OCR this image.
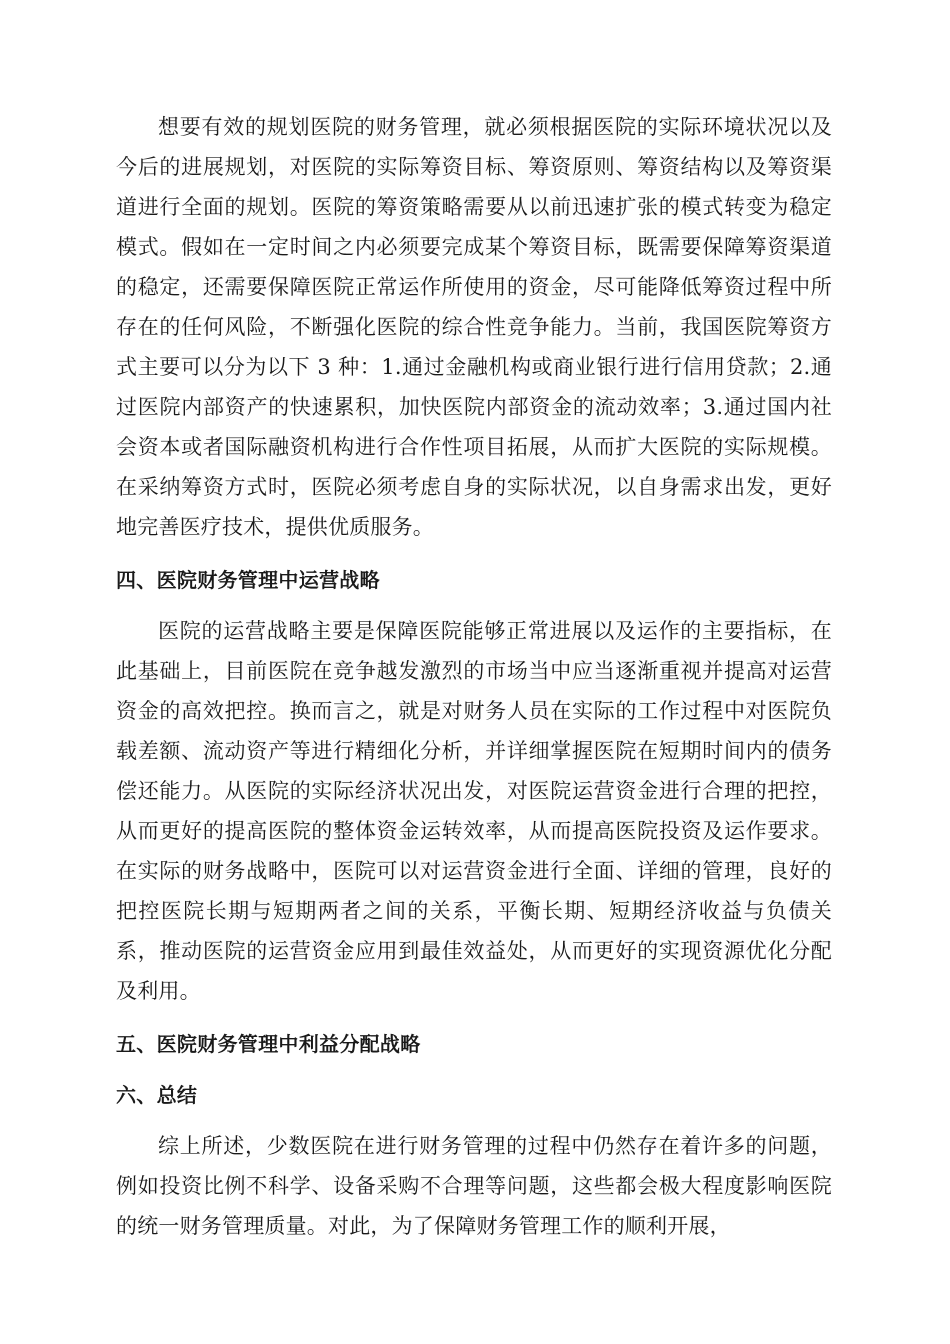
想要有效的规划医院的财务管理，就必须根据医院的实际环境状况以及今后的进展规划，对医院的实际筹资目标、筹资原则、筹资结构以及筹资渠道进行全面的规划。医院的筹资策略需要从以前迅速扩张的模式转变为稳定模式。假如在一定时间之内必须要完成某个筹资目标，既需要保障筹资渠道的稳定，还需要保障医院正常运作所使用的资金，尽可能降低筹资过程中所存在的任何风险，不断强化医院的综合性竞争能力。当前，我国医院筹资方式主要可以分为以下 3 种：1.通过金融机构或商业银行进行信用贷款；2.通过医院内部资产的快速累积，加快医院内部资金的流动效率；3.通过国内社会资本或者国际融资机构进行合作性项目拓展，从而扩大医院的实际规模。在采纳筹资方式时，医院必须考虑自身的实际状况，以自身需求出发，更好地完善医疗技术，提供优质服务。

四、医院财务管理中运营战略

医院的运营战略主要是保障医院能够正常进展以及运作的主要指标，在此基础上，目前医院在竞争越发激烈的市场当中应当逐渐重视并提高对运营资金的高效把控。换而言之，就是对财务人员在实际的工作过程中对医院负载差额、流动资产等进行精细化分析，并详细掌握医院在短期时间内的债务偿还能力。从医院的实际经济状况出发，对医院运营资金进行合理的把控，从而更好的提高医院的整体资金运转效率，从而提高医院投资及运作要求。在实际的财务战略中，医院可以对运营资金进行全面、详细的管理，良好的把控医院长期与短期两者之间的关系，平衡长期、短期经济收益与负债关系，推动医院的运营资金应用到最佳效益处，从而更好的实现资源优化分配及利用。

五、医院财务管理中利益分配战略
六、总结

综上所述，少数医院在进行财务管理的过程中仍然存在着许多的问题，例如投资比例不科学、设备采购不合理等问题，这些都会极大程度影响医院的统一财务管理质量。对此，为了保障财务管理工作的顺利开展，
